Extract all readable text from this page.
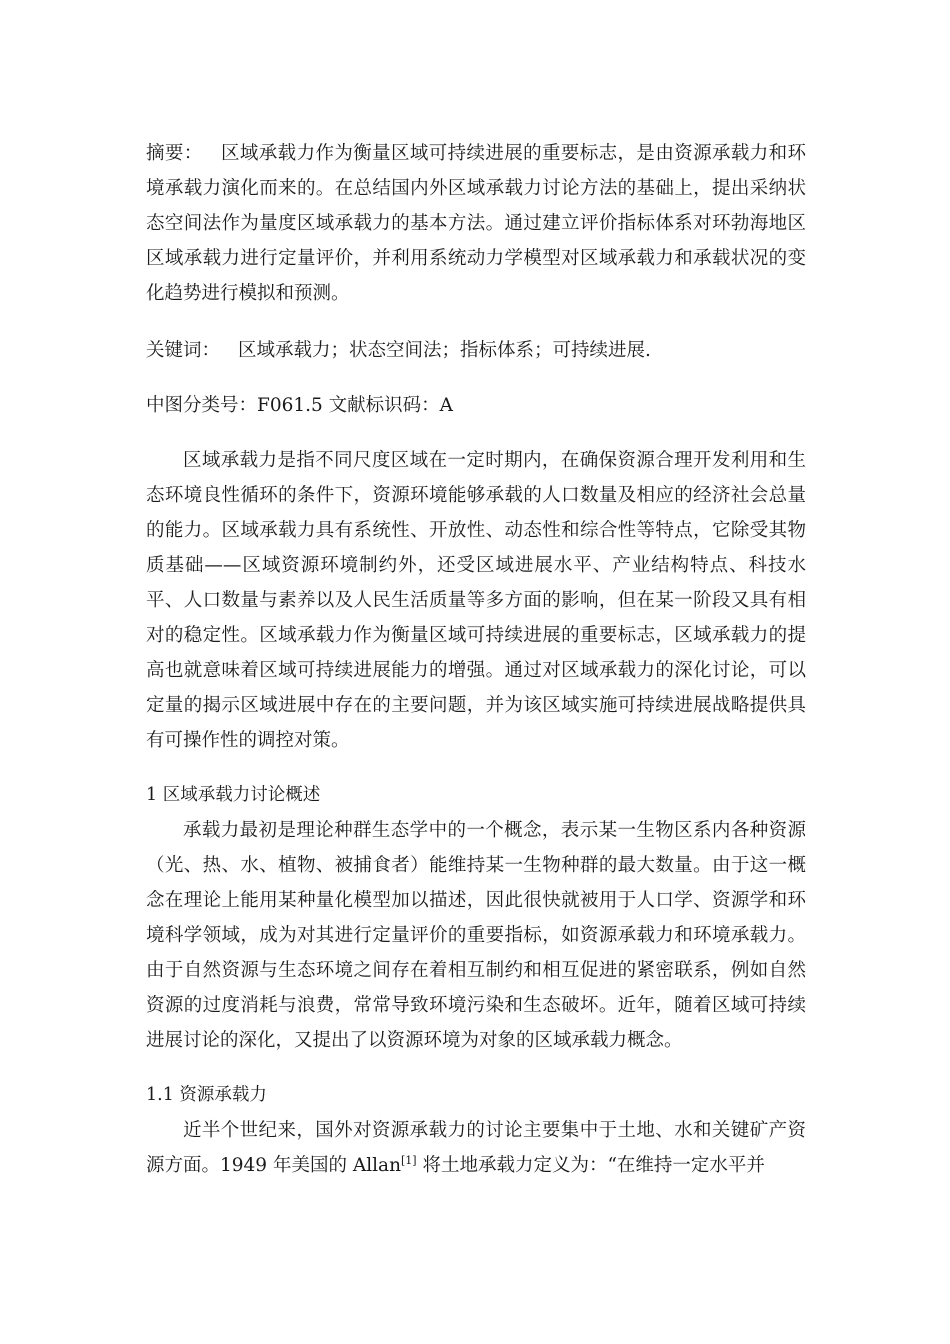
摘要： 区域承载力作为衡量区域可持续进展的重要标志，是由资源承载力和环境承载力演化而来的。在总结国内外区域承载力讨论方法的基础上，提出采纳状态空间法作为量度区域承载力的基本方法。通过建立评价指标体系对环勃海地区区域承载力进行定量评价，并利用系统动力学模型对区域承载力和承载状况的变化趋势进行模拟和预测。

关键词： 区域承载力；状态空间法；指标体系；可持续进展.

中图分类号：F061.5 文献标识码：A

区域承载力是指不同尺度区域在一定时期内，在确保资源合理开发利用和生态环境良性循环的条件下，资源环境能够承载的人口数量及相应的经济社会总量的能力。区域承载力具有系统性、开放性、动态性和综合性等特点，它除受其物质基础——区域资源环境制约外，还受区域进展水平、产业结构特点、科技水平、人口数量与素养以及人民生活质量等多方面的影响，但在某一阶段又具有相对的稳定性。区域承载力作为衡量区域可持续进展的重要标志，区域承载力的提高也就意味着区域可持续进展能力的增强。通过对区域承载力的深化讨论，可以定量的揭示区域进展中存在的主要问题，并为该区域实施可持续进展战略提供具有可操作性的调控对策。

1 区域承载力讨论概述

承载力最初是理论种群生态学中的一个概念，表示某一生物区系内各种资源（光、热、水、植物、被捕食者）能维持某一生物种群的最大数量。由于这一概念在理论上能用某种量化模型加以描述，因此很快就被用于人口学、资源学和环境科学领域，成为对其进行定量评价的重要指标，如资源承载力和环境承载力。由于自然资源与生态环境之间存在着相互制约和相互促进的紧密联系，例如自然资源的过度消耗与浪费，常常导致环境污染和生态破坏。近年，随着区域可持续进展讨论的深化，又提出了以资源环境为对象的区域承载力概念。

1.1 资源承载力

近半个世纪来，国外对资源承载力的讨论主要集中于土地、水和关键矿产资源方面。1949 年美国的 Allan[1] 将土地承载力定义为：“在维持一定水平并
